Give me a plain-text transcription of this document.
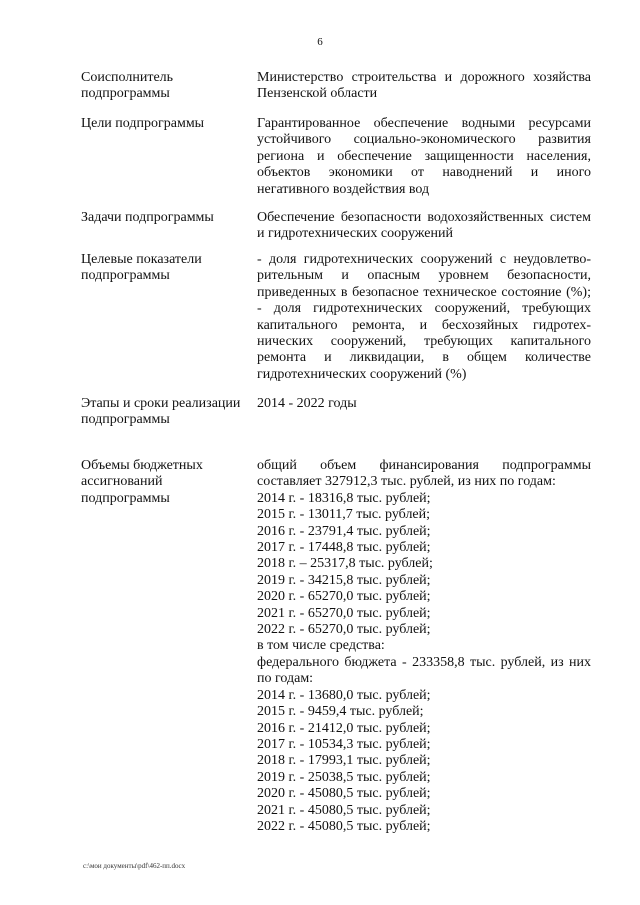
6
Соисполнитель подпрограммы
Министерство строительства и дорожного хозяйства Пензенской области
Цели подпрограммы	Гарантированное обеспечение водными ресурсами устойчивого социально-экономического развития региона и обеспечение защищенности населения, объектов экономики от наводнений и иного негативного воздействия вод
Задачи подпрограммы	Обеспечение безопасности водохозяйственных систем и гидротехнических сооружений
Целевые показатели подпрограммы
- доля гидротехнических сооружений с неудовлетво-рительным и опасным уровнем безопасности, приведенных в безопасное техническое состояние (%); - доля гидротехнических сооружений, требующих капитального ремонта, и бесхозяйных гидротех-нических сооружений, требующих капитального ремонта и ликвидации, в общем количестве гидротехнических сооружений (%)
Этапы и сроки реализации подпрограммы
2014 - 2022 годы
Объемы бюджетных ассигнований подпрограммы
общий объем финансирования подпрограммы составляет 327912,3 тыс. рублей, из них по годам:
2014 г. - 18316,8 тыс. рублей;
2015 г. - 13011,7 тыс. рублей;
2016 г. - 23791,4 тыс. рублей;
2017 г. - 17448,8 тыс. рублей;
2018 г. – 25317,8 тыс. рублей;
2019 г. - 34215,8 тыс. рублей;
2020 г. - 65270,0 тыс. рублей;
2021 г. - 65270,0 тыс. рублей;
2022 г. - 65270,0 тыс. рублей;
в том числе средства:
федерального бюджета - 233358,8 тыс. рублей, из них по годам:
2014 г. - 13680,0 тыс. рублей;
2015 г. - 9459,4 тыс. рублей;
2016 г. - 21412,0 тыс. рублей;
2017 г. - 10534,3 тыс. рублей;
2018 г. - 17993,1 тыс. рублей;
2019 г. - 25038,5 тыс. рублей;
2020 г. - 45080,5 тыс. рублей;
2021 г. - 45080,5 тыс. рублей;
2022 г. - 45080,5 тыс. рублей;
c:\мои документы\pdf\462-пп.docx
